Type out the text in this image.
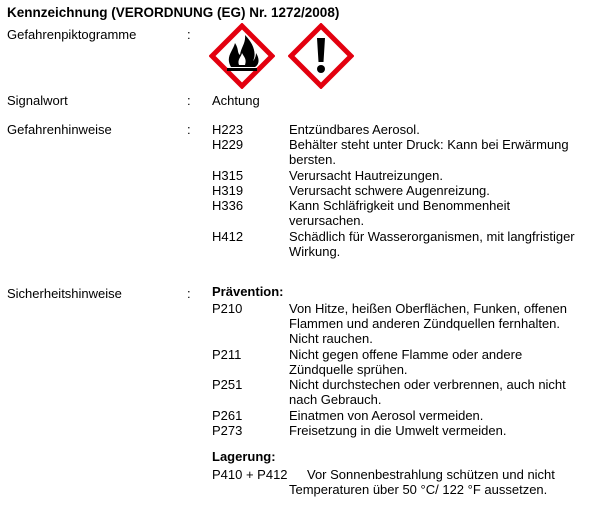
Kennzeichnung (VERORDNUNG (EG) Nr. 1272/2008)
Gefahrenpiktogramme	:
Signalwort	: Achtung
Gefahrenhinweise	: H223	Entzündbares Aerosol.
H229	Behälter steht unter Druck: Kann bei Erwärmung
bersten.
H315	Verursacht Hautreizungen.
H319	Verursacht schwere Augenreizung.
H336	Kann Schläfrigkeit und Benommenheit
verursachen.
H412	Schädlich für Wasserorganismen, mit langfristiger
Wirkung.
Sicherheitshinweise	: Prävention:
P210	Von Hitze, heißen Oberflächen, Funken, offenen
Flammen und anderen Zündquellen fernhalten.
Nicht rauchen.
P211	Nicht gegen offene Flamme oder andere
Zündquelle sprühen.
P251	Nicht durchstechen oder verbrennen, auch nicht
nach Gebrauch.
P261	Einatmen von Aerosol vermeiden.
P273	Freisetzung in die Umwelt vermeiden.
Lagerung:
P410 + P412	Vor Sonnenbestrahlung schützen und nicht
Temperaturen über 50 °C/ 122 °F aussetzen.
